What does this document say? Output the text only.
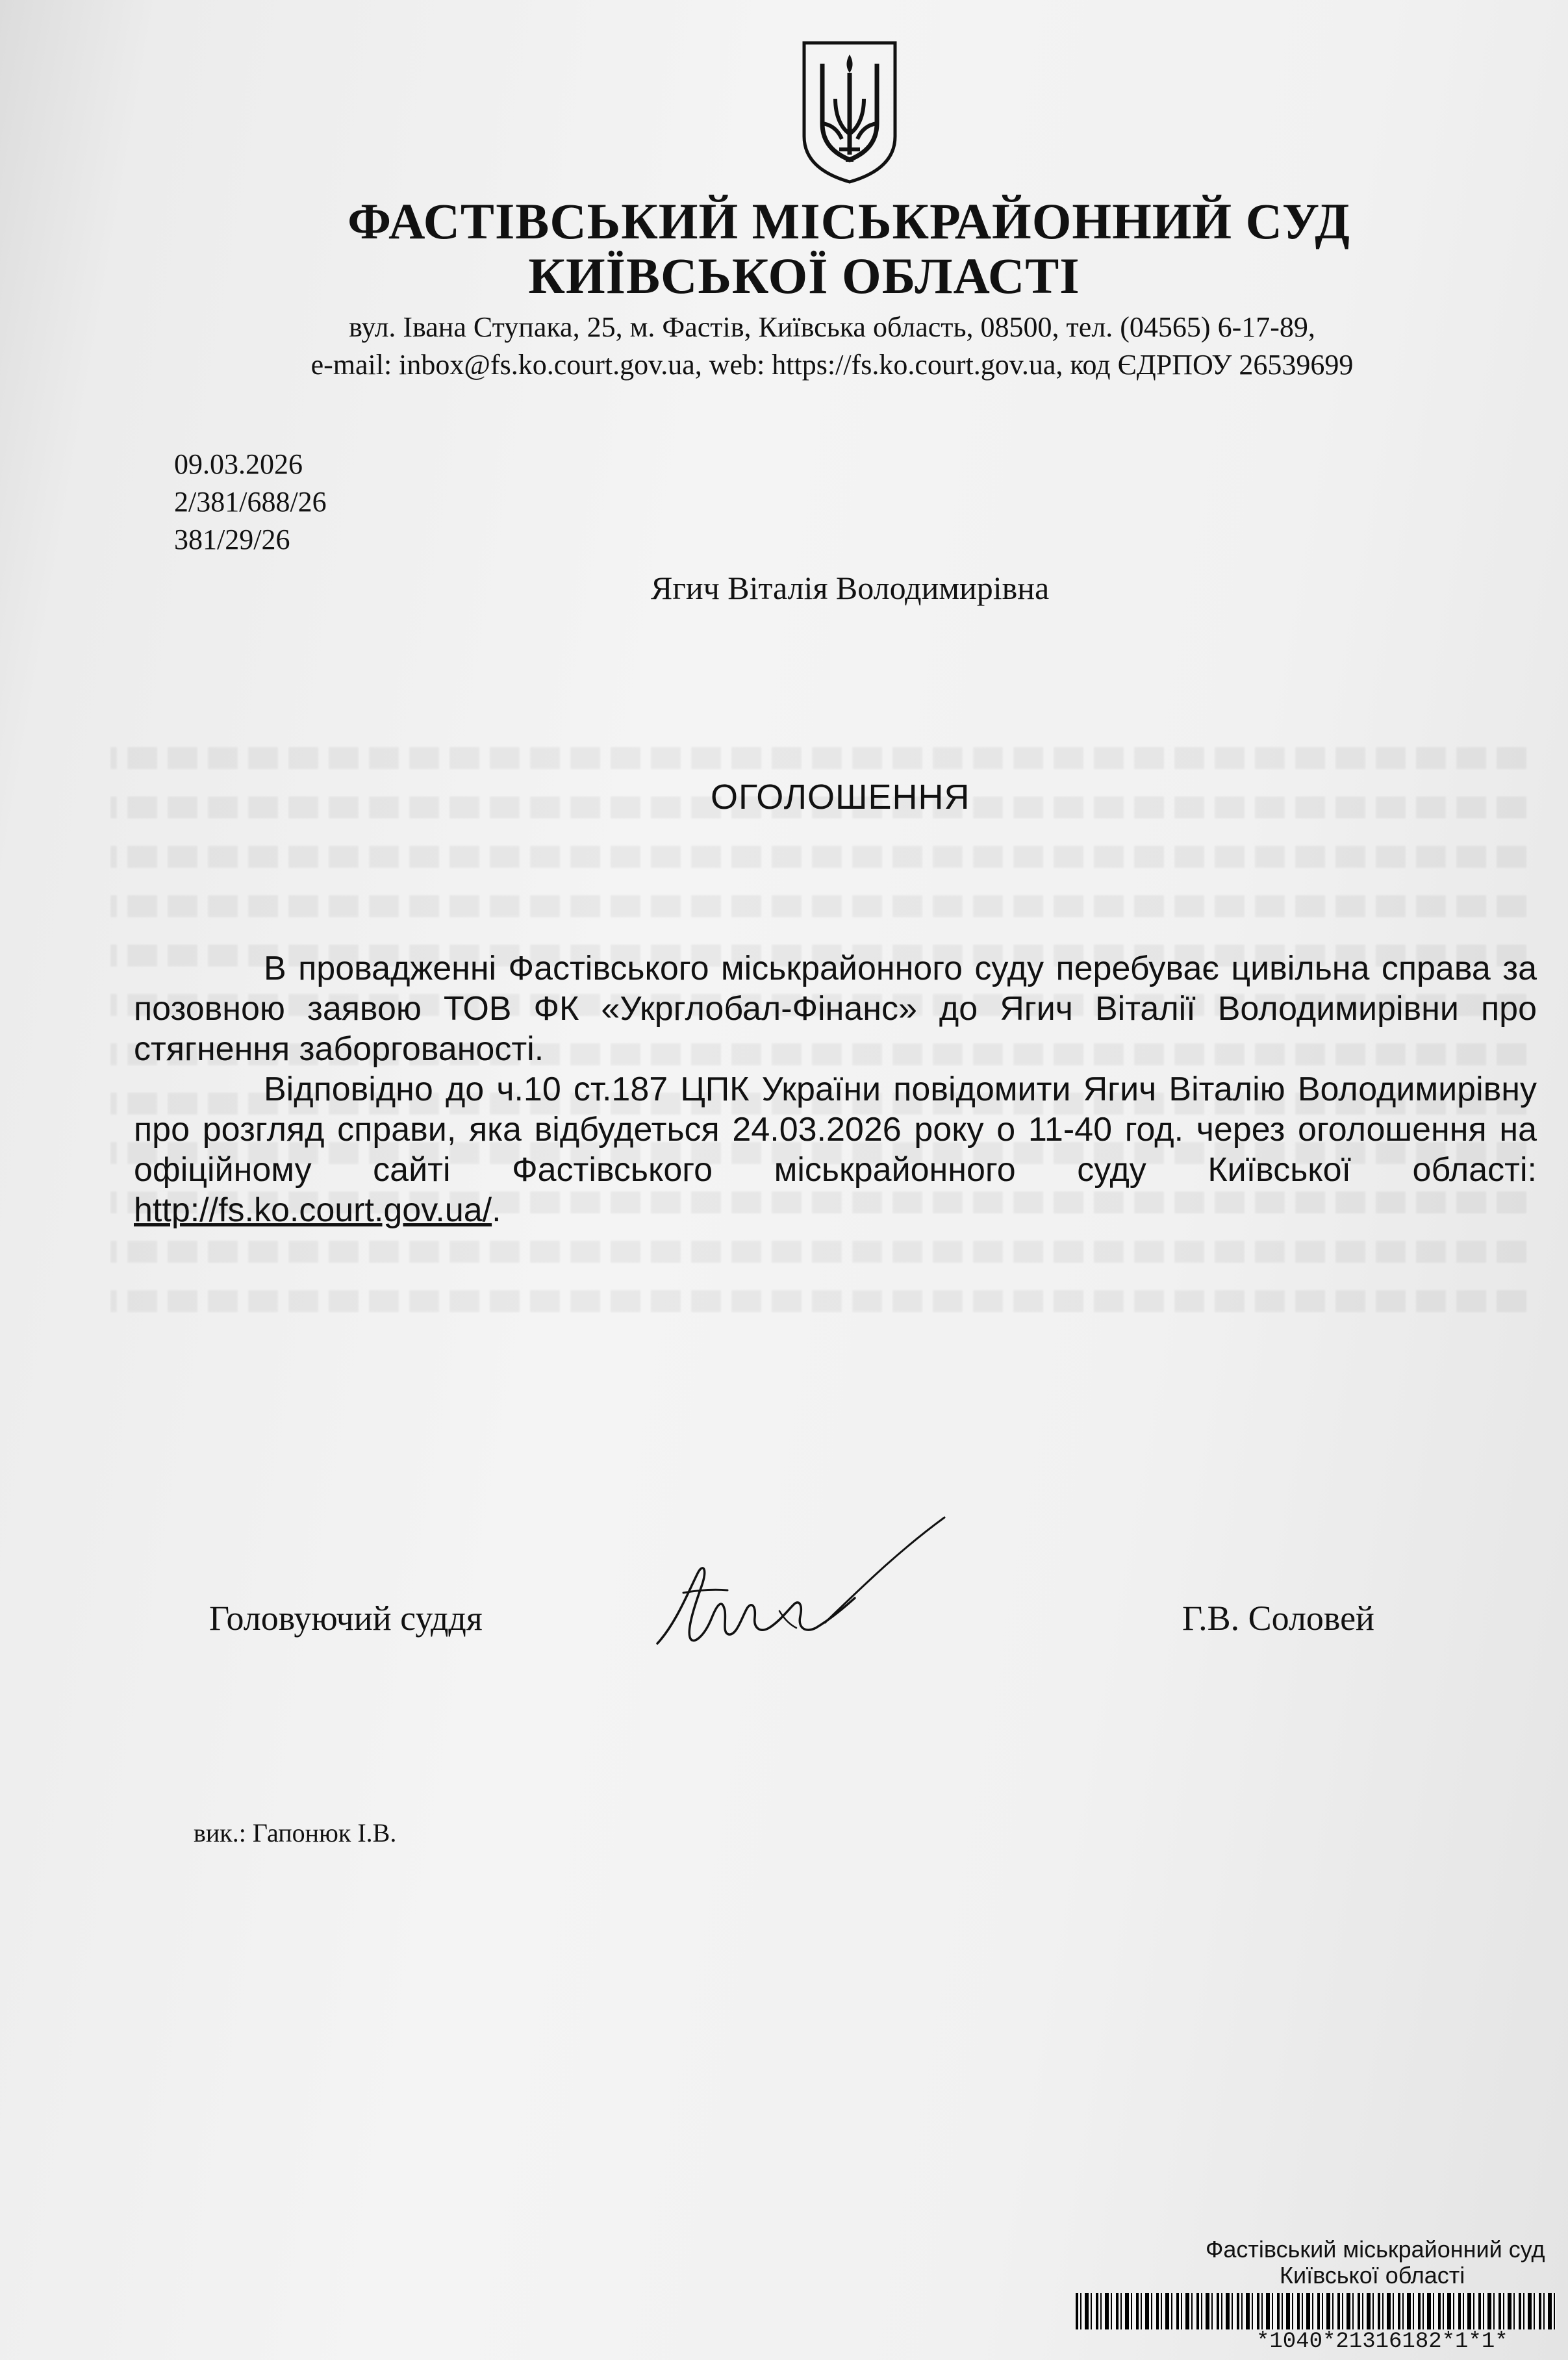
ФАСТІВСЬКИЙ МІСЬКРАЙОННИЙ СУД
КИЇВСЬКОЇ ОБЛАСТІ
вул. Івана Ступака, 25, м. Фастів, Київська область, 08500, тел. (04565) 6-17-89,
e-mail: inbox@fs.ko.court.gov.ua, web: https://fs.ko.court.gov.ua, код ЄДРПОУ 26539699
09.03.2026
2/381/688/26
381/29/26
Ягич Віталія Володимирівна
ОГОЛОШЕННЯ

В провадженні Фастівського міськрайонного суду перебуває цивільна справа за позовною заявою ТОВ ФК «Укрглобал-Фінанс» до Ягич Віталії Володимирівни про стягнення заборгованості.

Відповідно до ч.10 ст.187 ЦПК України повідомити Ягич Віталію Володимирівну про розгляд справи, яка відбудеться 24.03.2026 року о 11-40 год. через оголошення на офіційному сайті Фастівського міськрайонного суду Київської області: http://fs.ko.court.gov.ua/.

Головуючий суддя	Г.В. Соловей
вик.: Гапонюк І.В.
Фастівський міськрайонний суд
Київської області
*1040*21316182*1*1*
